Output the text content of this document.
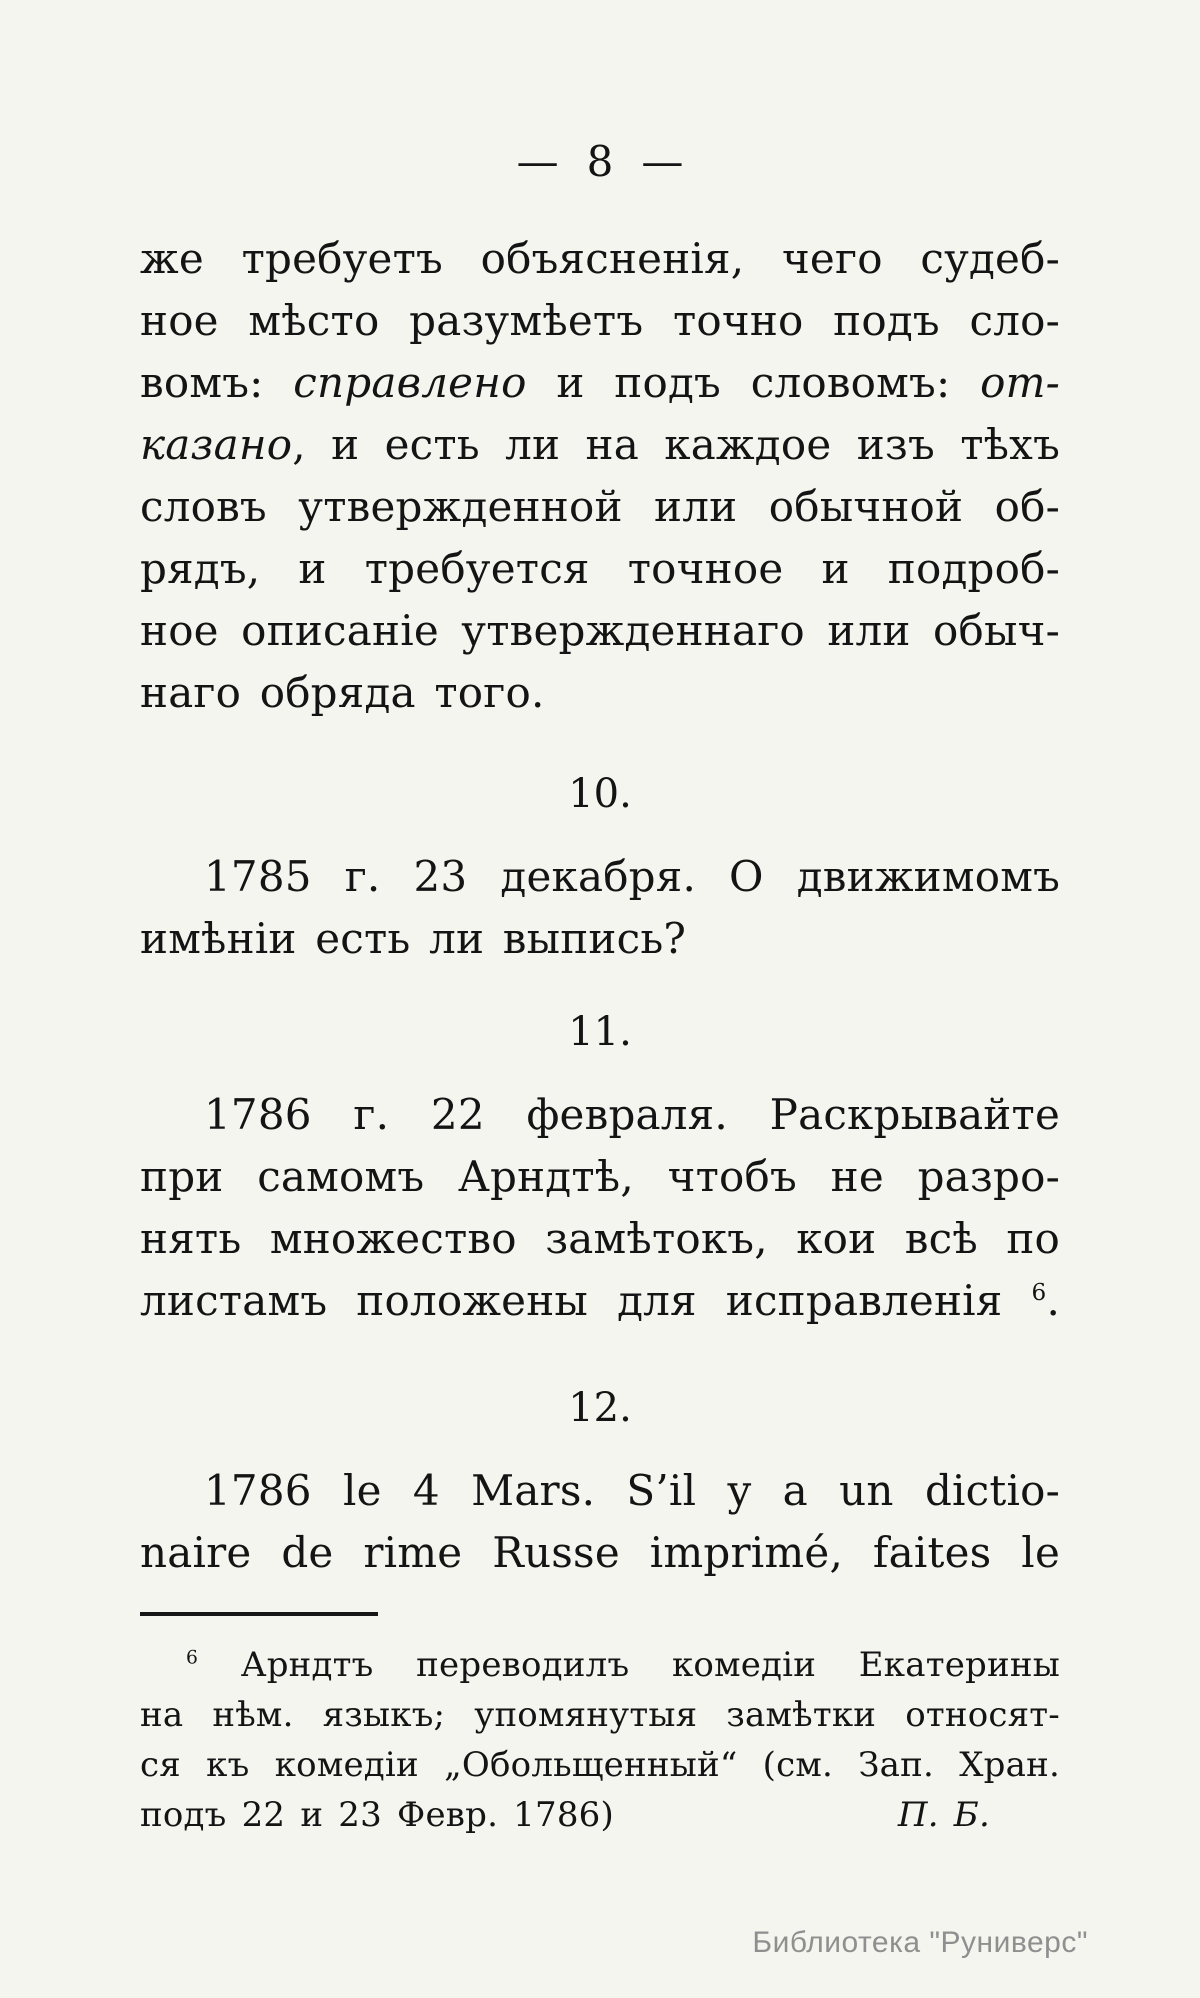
— 8 —
же требуетъ объясненія, чего судеб-
ное мѣсто разумѣетъ точно подъ сло-
вомъ: справлено и подъ словомъ: от-
казано, и есть ли на каждое изъ тѣхъ
словъ утвержденной или обычной об-
рядъ, и требуется точное и подроб-
ное описаніе утвержденнаго или обыч-
наго обряда того.
10.
1785 г. 23 декабря. О движимомъ
имѣніи есть ли выпись?
11.
1786 г. 22 февраля. Раскрывайте
при самомъ Арндтѣ, чтобъ не разро-
нять множество замѣтокъ, кои всѣ по
листамъ положены для исправленія $^6$.
12.
1786 le 4 Mars. S’il y a un dictio-
naire de rime Russe imprimé, faites le
$^6$ Арндтъ переводилъ комедіи Екатерины
на нѣм. языкъ; упомянутыя замѣтки относят-
ся къ комедіи „Обольщенный“ (см. Зап. Хран.
подъ 22 и 23 Февр. 1786)	П. Б.
Библиотека "Руниверс"
